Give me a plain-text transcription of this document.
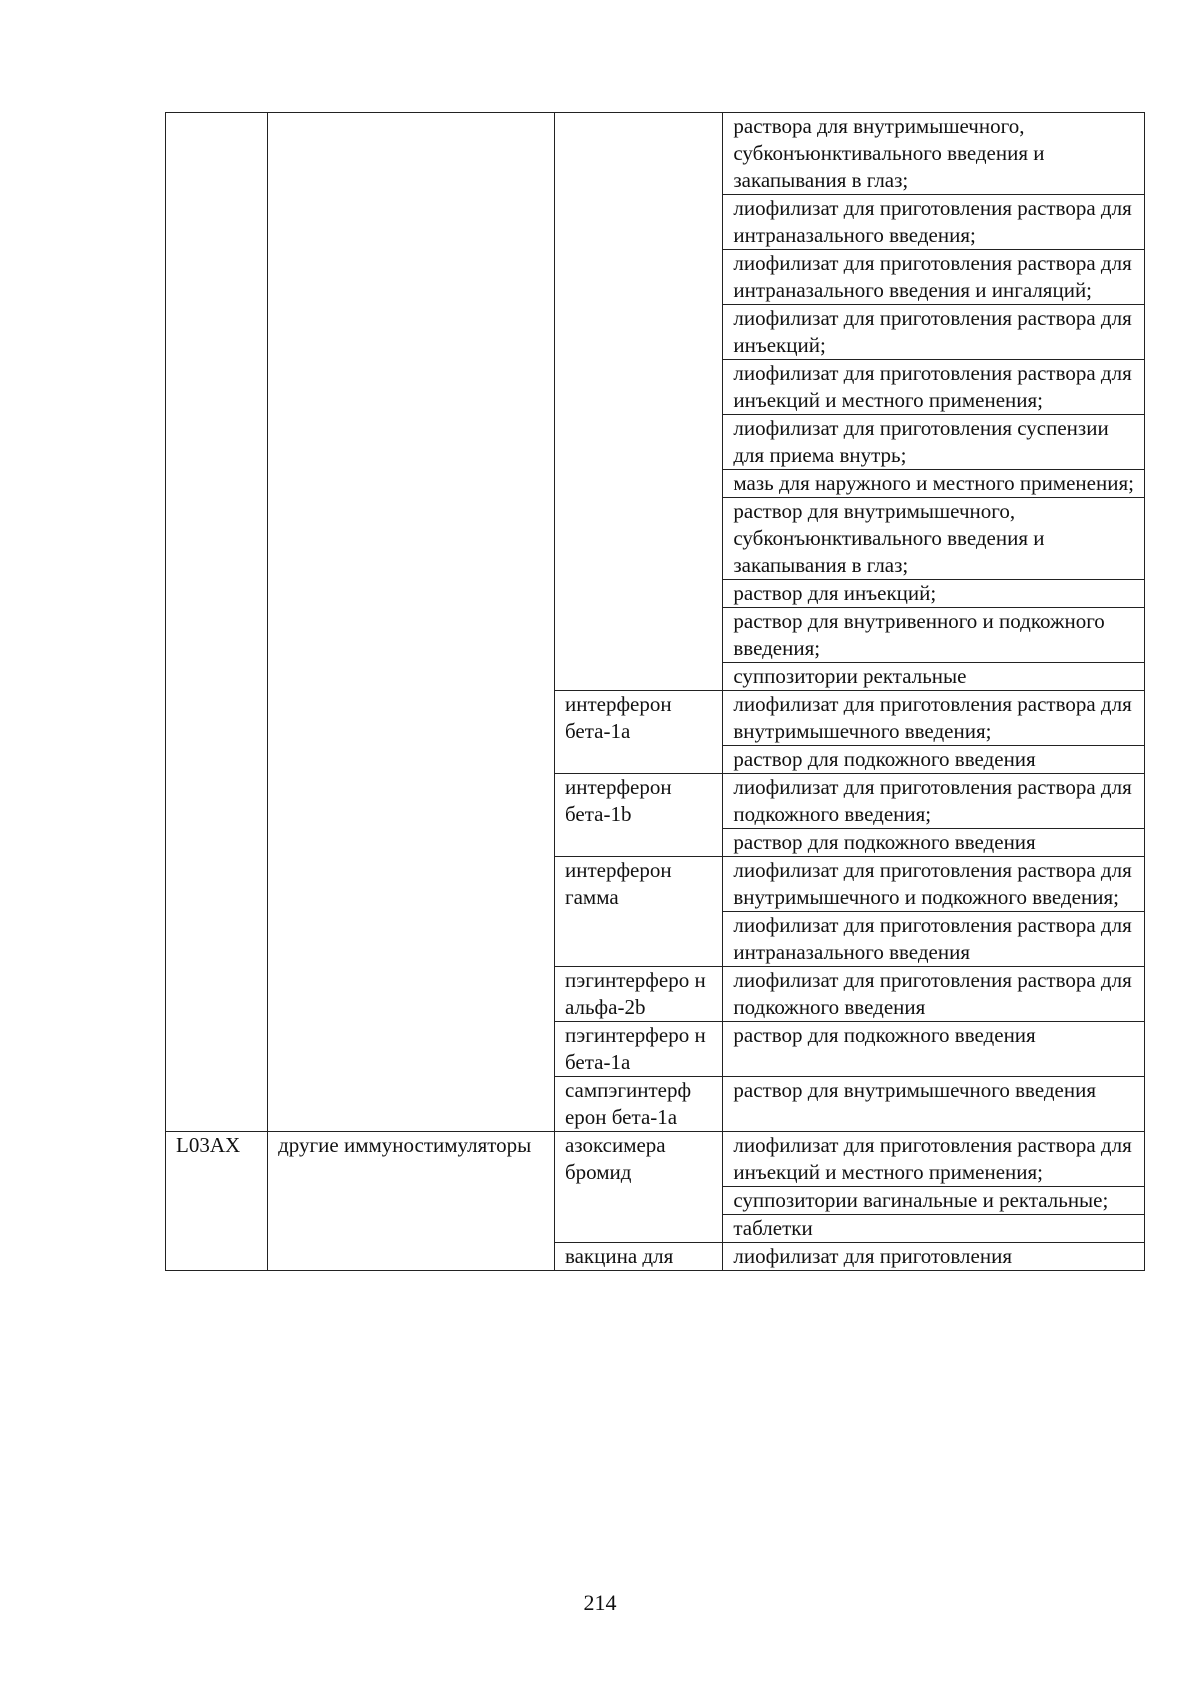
			раствора для внутримышечного, субконъюнктивального введения и закапывания в глаз;
			лиофилизат для приготовления раствора для интраназального введения;
			лиофилизат для приготовления раствора для интраназального введения и ингаляций;
			лиофилизат для приготовления раствора для инъекций;
			лиофилизат для приготовления раствора для инъекций и местного применения;
			лиофилизат для приготовления суспензии для приема внутрь;
			мазь для наружного и местного применения;
			раствор для внутримышечного, субконъюнктивального введения и закапывания в глаз;
			раствор для инъекций;
			раствор для внутривенного и подкожного введения;
			суппозитории ректальные
		интерферон бета-1a	лиофилизат для приготовления раствора для внутримышечного введения;
			раствор для подкожного введения
		интерферон бета-1b	лиофилизат для приготовления раствора для подкожного введения;
			раствор для подкожного введения
		интерферон гамма	лиофилизат для приготовления раствора для внутримышечного и подкожного введения;
			лиофилизат для приготовления раствора для интраназального введения
		пэгинтерферо н альфа-2b	лиофилизат для приготовления раствора для подкожного введения
		пэгинтерферо н бета-1a	раствор для подкожного введения
		сампэгинтерф ерон бета-1a	раствор для внутримышечного введения
L03AX	другие иммуностимуляторы	азоксимера бромид	лиофилизат для приготовления раствора для инъекций и местного применения;
			суппозитории вагинальные и ректальные;
			таблетки
		вакцина для	лиофилизат для приготовления
214
